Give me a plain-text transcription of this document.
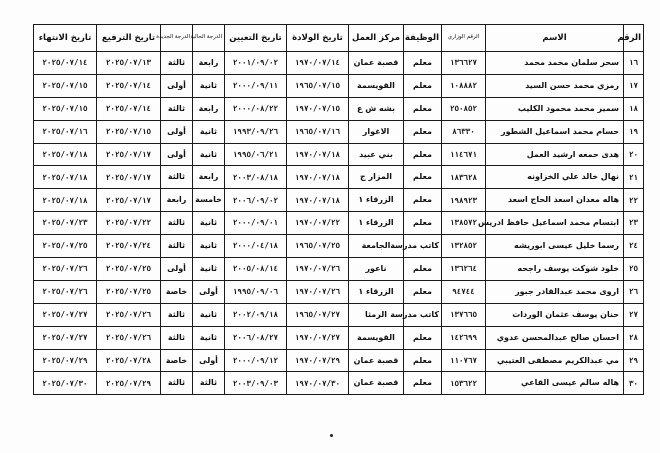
الرقم	الاسم	الرقم الوزاري	الوظيفة	مركز العمل	تاريخ الولادة	تاريخ التعيين	الدرجة الحالية	الدرجة الجديدة	تاريخ الترفيع	تاريخ الانتهاء
١٦	سحر سلمان محمد محمد	١٣٦٦٢٧	معلم	قصبة عمان	١٩٧٠/٠٧/١٤	٢٠٠١/٠٩/٠٢	رابعة	ثالثة	٢٠٢٥/٠٧/١٣	٢٠٢٥/٠٧/١٤
١٧	رمزي محمد حسن السيد	١٠٨٨٨٢	معلم	القويسمة	١٩٦٥/٠٧/١٥	٢٠٠٠/٠٩/١١	ثانية	أولى	٢٠٢٥/٠٧/١٤	٢٠٢٥/٠٧/١٥
١٨	سمير محمد محمود الكليب	٢٥٠٨٥٢	معلم	بشه ش ع	١٩٧٠/٠٧/١٥	٢٠٠٠/٠٨/٢٢	رابعة	ثالثة	٢٠٢٥/٠٧/١٤	٢٠٢٥/٠٧/١٥
١٩	حسام محمد اسماعيل الشطور	٨٦٣٣٠	معلم	الاغوار	١٩٦٥/٠٧/١٦	١٩٩٣/٠٩/٢٦	ثانية	أولى	٢٠٢٥/٠٧/١٥	٢٠٢٥/٠٧/١٦
٢٠	هدى حمعه ارشيد العمل	١١٤٦٧١	معلم	بني عبيد	١٩٧٠/٠٧/١٨	١٩٩٥/٠٦/٢١	ثانية	أولى	٢٠٢٥/٠٧/١٧	٢٠٢٥/٠٧/١٨
٢١	نهال خالد علي الخزاونه	١٨٣٦٢٨	معلم	المزار ج	١٩٧٠/٠٧/١٨	٢٠٠٣/٠٨/١٨	رابعة	ثالثة	٢٠٢٥/٠٧/١٧	٢٠٢٥/٠٧/١٨
٢٢	هاله معدان اسعد الحاج اسعد	١٩٨٩٢٣	معلم	الزرقاء ١	١٩٧٠/٠٧/١٨	٢٠٠٦/٠٩/٠٢	خامسة	رابعة	٢٠٢٥/٠٧/١٧	٢٠٢٥/٠٧/١٨
٢٣	ابتسام محمد اسماعيل حافظ ادريس	١٣٨٥٧٢	معلم	الزرقاء ١	١٩٧٠/٠٧/٢٢	٢٠٠٠/٠٩/٠١	ثانية	ثالثة	٢٠٢٥/٠٧/٢٢	٢٠٢٥/٠٧/٢٣
٢٤	رسما خليل عيسى ابوريشه	١٣٢٨٥٢	كاتب مدرسة	الجامعة	١٩٦٥/٠٧/٢٥	٢٠٠٠/٠٤/١٨	ثانية	ثالثة	٢٠٢٥/٠٧/٢٤	٢٠٢٥/٠٧/٢٥
٢٥	خلود شوكت يوسف راجحه	١٣٦٢٦٤	معلم	ناعور	١٩٧٠/٠٧/٢٦	٢٠٠٥/٠٨/١٤	ثانية	أولى	٢٠٢٥/٠٧/٢٥	٢٠٢٥/٠٧/٢٦
٢٦	اروى محمد عبدالقادر جبور	٩٤٧٤٤	معلم	الزرقاء ١	١٩٧٠/٠٧/٢٦	١٩٩٥/٠٩/٠٦	أولى	خاصة	٢٠٢٥/٠٧/٢٥	٢٠٢٥/٠٧/٢٦
٢٧	حنان يوسف عثمان الوردات	١٣٧٦٦٥	كاتب مدرسة	الرمثا	١٩٦٥/٠٧/٢٧	٢٠٠٢/٠٩/١٨	ثانية	ثالثة	٢٠٢٥/٠٧/٢٦	٢٠٢٥/٠٧/٢٧
٢٨	احسان صالح عبدالمحسن عدوي	١٤٢٦٩٩	معلم	القويسمة	١٩٧٠/٠٧/٢٧	٢٠٠٦/٠٨/٢٧	ثانية	ثالثة	٢٠٢٥/٠٧/٢٦	٢٠٢٥/٠٧/٢٧
٢٩	مي عبدالكريم مصطفى العتيبي	١١٠٧٦٧	معلم	قصبة عمان	١٩٧٠/٠٧/٢٩	٢٠٠٠/٠٩/١٢	أولى	خاصة	٢٠٢٥/٠٧/٢٨	٢٠٢٥/٠٧/٢٩
٣٠	هاله سالم عيسى القاعي	١٥٣٦٢٢	معلم	قصبة عمان	١٩٧٠/٠٧/٣٠	٢٠٠٣/٠٩/٠٣	ثالثة	ثالثة	٢٠٢٥/٠٧/٢٩	٢٠٢٥/٠٧/٣٠
